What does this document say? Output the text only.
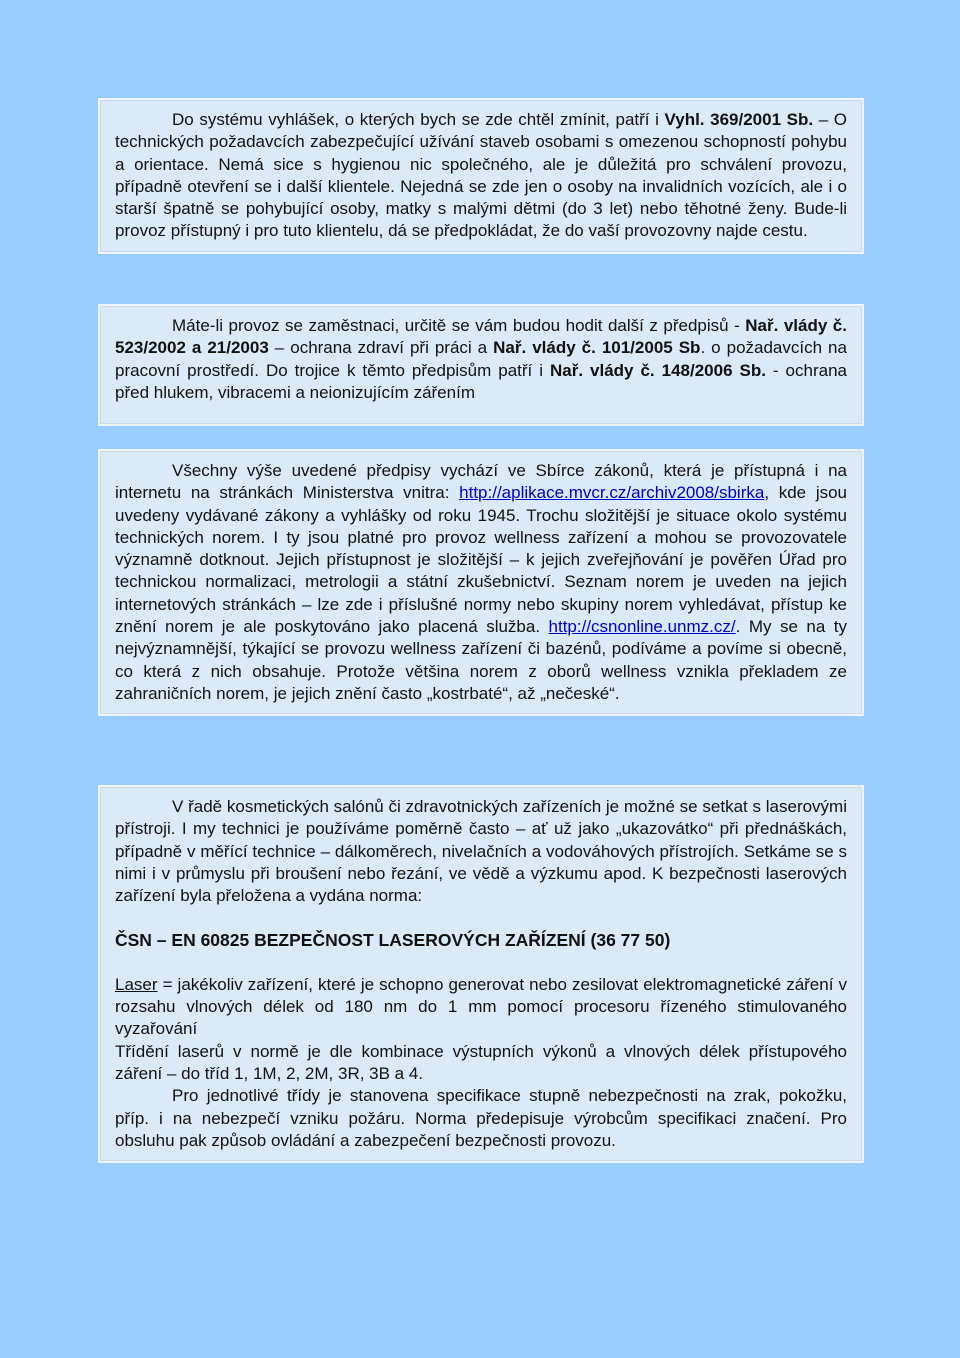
Do systému vyhlášek, o kterých bych se zde chtěl zmínit, patří i Vyhl. 369/2001 Sb. – O technických požadavcích zabezpečující užívání staveb osobami s omezenou schopností pohybu a orientace. Nemá sice s hygienou nic společného, ale je důležitá pro schválení provozu, případně otevření se i další klientele. Nejedná se zde jen o osoby na invalidních vozících, ale i o starší špatně se pohybující osoby, matky s malými dětmi (do 3 let) nebo těhotné ženy. Bude-li provoz přístupný i pro tuto klientelu, dá se předpokládat, že do vaší provozovny najde cestu.

Máte-li provoz se zaměstnaci, určitě se vám budou hodit další z předpisů - Nař. vlády č. 523/2002 a 21/2003 – ochrana zdraví při práci a Nař. vlády č. 101/2005 Sb. o požadavcích na pracovní prostředí. Do trojice k těmto předpisům patří i Nař. vlády č. 148/2006 Sb. - ochrana před hlukem, vibracemi a neionizujícím zářením

Všechny výše uvedené předpisy vychází ve Sbírce zákonů, která je přístupná i na internetu na stránkách Ministerstva vnitra: http://aplikace.mvcr.cz/archiv2008/sbirka, kde jsou uvedeny vydávané zákony a vyhlášky od roku 1945. Trochu složitější je situace okolo systému technických norem. I ty jsou platné pro provoz wellness zařízení a mohou se provozovatele významně dotknout. Jejich přístupnost je složitější – k jejich zveřejňování je pověřen Úřad pro technickou normalizaci, metrologii a státní zkušebnictví. Seznam norem je uveden na jejich internetových stránkách – lze zde i příslušné normy nebo skupiny norem vyhledávat, přístup ke znění norem je ale poskytováno jako placená služba. http://csnonline.unmz.cz/. My se na ty nejvýznamnější, týkající se provozu wellness zařízení či bazénů, podíváme a povíme si obecně, co která z nich obsahuje. Protože většina norem z oborů wellness vznikla překladem ze zahraničních norem, je jejich znění často „kostrbaté“, až „nečeské“.

V řadě kosmetických salónů či zdravotnických zařízeních je možné se setkat s laserovými přístroji. I my technici je používáme poměrně často – ať už jako „ukazovátko“ při přednáškách, případně v měřící technice – dálkoměrech, nivelačních a vodováhových přístrojích. Setkáme se s nimi i v průmyslu při broušení nebo řezání, ve vědě a výzkumu apod. K bezpečnosti laserových zařízení byla přeložena a vydána norma:

ČSN – EN 60825 BEZPEČNOST LASEROVÝCH ZAŘÍZENÍ (36 77 50)

Laser = jakékoliv zařízení, které je schopno generovat nebo zesilovat elektromagnetické záření v rozsahu vlnových délek od 180 nm do 1 mm pomocí procesoru řízeného stimulovaného vyzařování

Třídění laserů v normě je dle kombinace výstupních výkonů a vlnových délek přístupového záření – do tříd 1, 1M, 2, 2M, 3R, 3B a 4.

Pro jednotlivé třídy je stanovena specifikace stupně nebezpečnosti na zrak, pokožku, příp. i na nebezpečí vzniku požáru. Norma předepisuje výrobcům specifikaci značení. Pro obsluhu pak způsob ovládání a zabezpečení bezpečnosti provozu.
